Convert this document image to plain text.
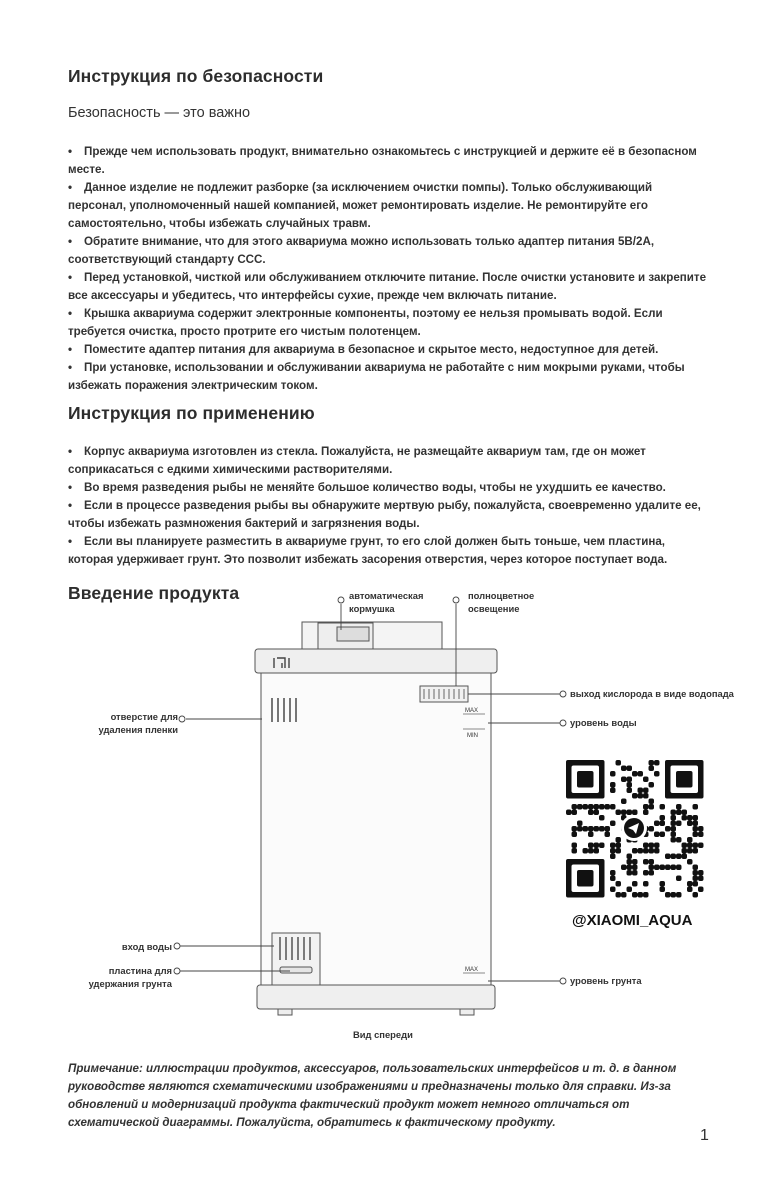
Инструкция по безопасности
Безопасность — это важно
• Прежде чем использовать продукт, внимательно ознакомьтесь с инструкцией и держите её в безопасном месте.
• Данное изделие не подлежит разборке (за исключением очистки помпы). Только обслуживающий персонал, уполномоченный нашей компанией, может ремонтировать изделие. Не ремонтируйте его самостоятельно, чтобы избежать случайных травм.
• Обратите внимание, что для этого аквариума можно использовать только адаптер питания 5В/2А, соответствующий стандарту ССС.
• Перед установкой, чисткой или обслуживанием отключите питание. После очистки установите и закрепите все аксессуары и убедитесь, что интерфейсы сухие, прежде чем включать питание.
• Крышка аквариума содержит электронные компоненты, поэтому ее нельзя промывать водой. Если требуется очистка, просто протрите его чистым полотенцем.
• Поместите адаптер питания для аквариума в безопасное и скрытое место, недоступное для детей.
• При установке, использовании и обслуживании аквариума не работайте с ним мокрыми руками, чтобы избежать поражения электрическим током.
Инструкция по применению
• Корпус аквариума изготовлен из стекла. Пожалуйста, не размещайте аквариум там, где он может соприкасаться с едкими химическими растворителями.
• Во время разведения рыбы не меняйте большое количество воды, чтобы не ухудшить ее качество.
• Если в процессе разведения рыбы вы обнаружите мертвую рыбу, пожалуйста, своевременно удалите ее, чтобы избежать размножения бактерий и загрязнения воды.
• Если вы планируете разместить в аквариуме грунт, то его слой должен быть тоньше, чем пластина, которая удерживает грунт. Это позволит избежать засорения отверстия, через которое поступает вода.
Введение продукта	автоматическая
кормушка
полноцветное
освещение
выход кислорода в виде водопада
уровень воды
отверстие для
удаления пленки
вход воды
пластина для
удержания грунта	уровень грунта
Вид спереди
MAX
MIN
MAX
@XIAOMI_AQUA
Примечание: иллюстрации продуктов, аксессуаров, пользовательских интерфейсов и т. д. в данном руководстве являются схематическими изображениями и предназначены только для справки. Из-за обновлений и модернизаций продукта фактический продукт может немного отличаться от схематической диаграммы. Пожалуйста, обратитесь к фактическому продукту.
1
